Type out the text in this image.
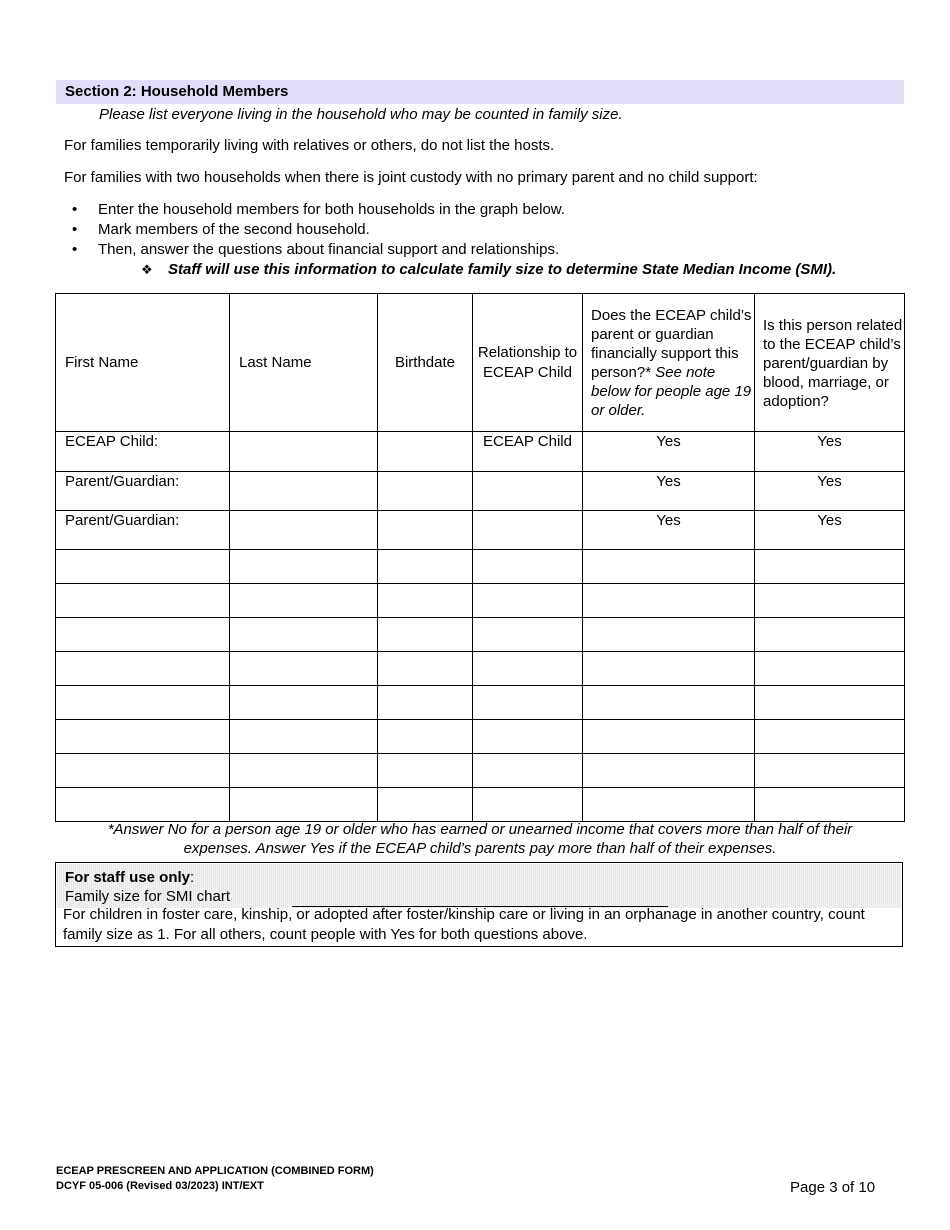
Section 2: Household Members
Please list everyone living in the household who may be counted in family size.
For families temporarily living with relatives or others, do not list the hosts.
For families with two households when there is joint custody with no primary parent and no child support:
• Enter the household members for both households in the graph below.
• Mark members of the second household.
• Then, answer the questions about financial support and relationships.
❖ Staff will use this information to calculate family size to determine State Median Income (SMI).
First Name	Last Name	Birthdate	Relationship to ECEAP Child	Does the ECEAP child’s parent or guardian financially support this person?* See note below for people age 19 or older.	Is this person related to the ECEAP child’s parent/guardian by blood, marriage, or adoption?
ECEAP Child:			ECEAP Child	Yes	Yes
Parent/Guardian:				Yes	Yes
Parent/Guardian:				Yes	Yes

*Answer No for a person age 19 or older who has earned or unearned income that covers more than half of their
expenses. Answer Yes if the ECEAP child’s parents pay more than half of their expenses.
For staff use only:
Family size for SMI chart
For children in foster care, kinship, or adopted after foster/kinship care or living in an orphanage in another country, count
family size as 1. For all others, count people with Yes for both questions above.
ECEAP PRESCREEN AND APPLICATION (COMBINED FORM)
DCYF 05-006 (Revised 03/2023) INT/EXT	Page 3 of 10
